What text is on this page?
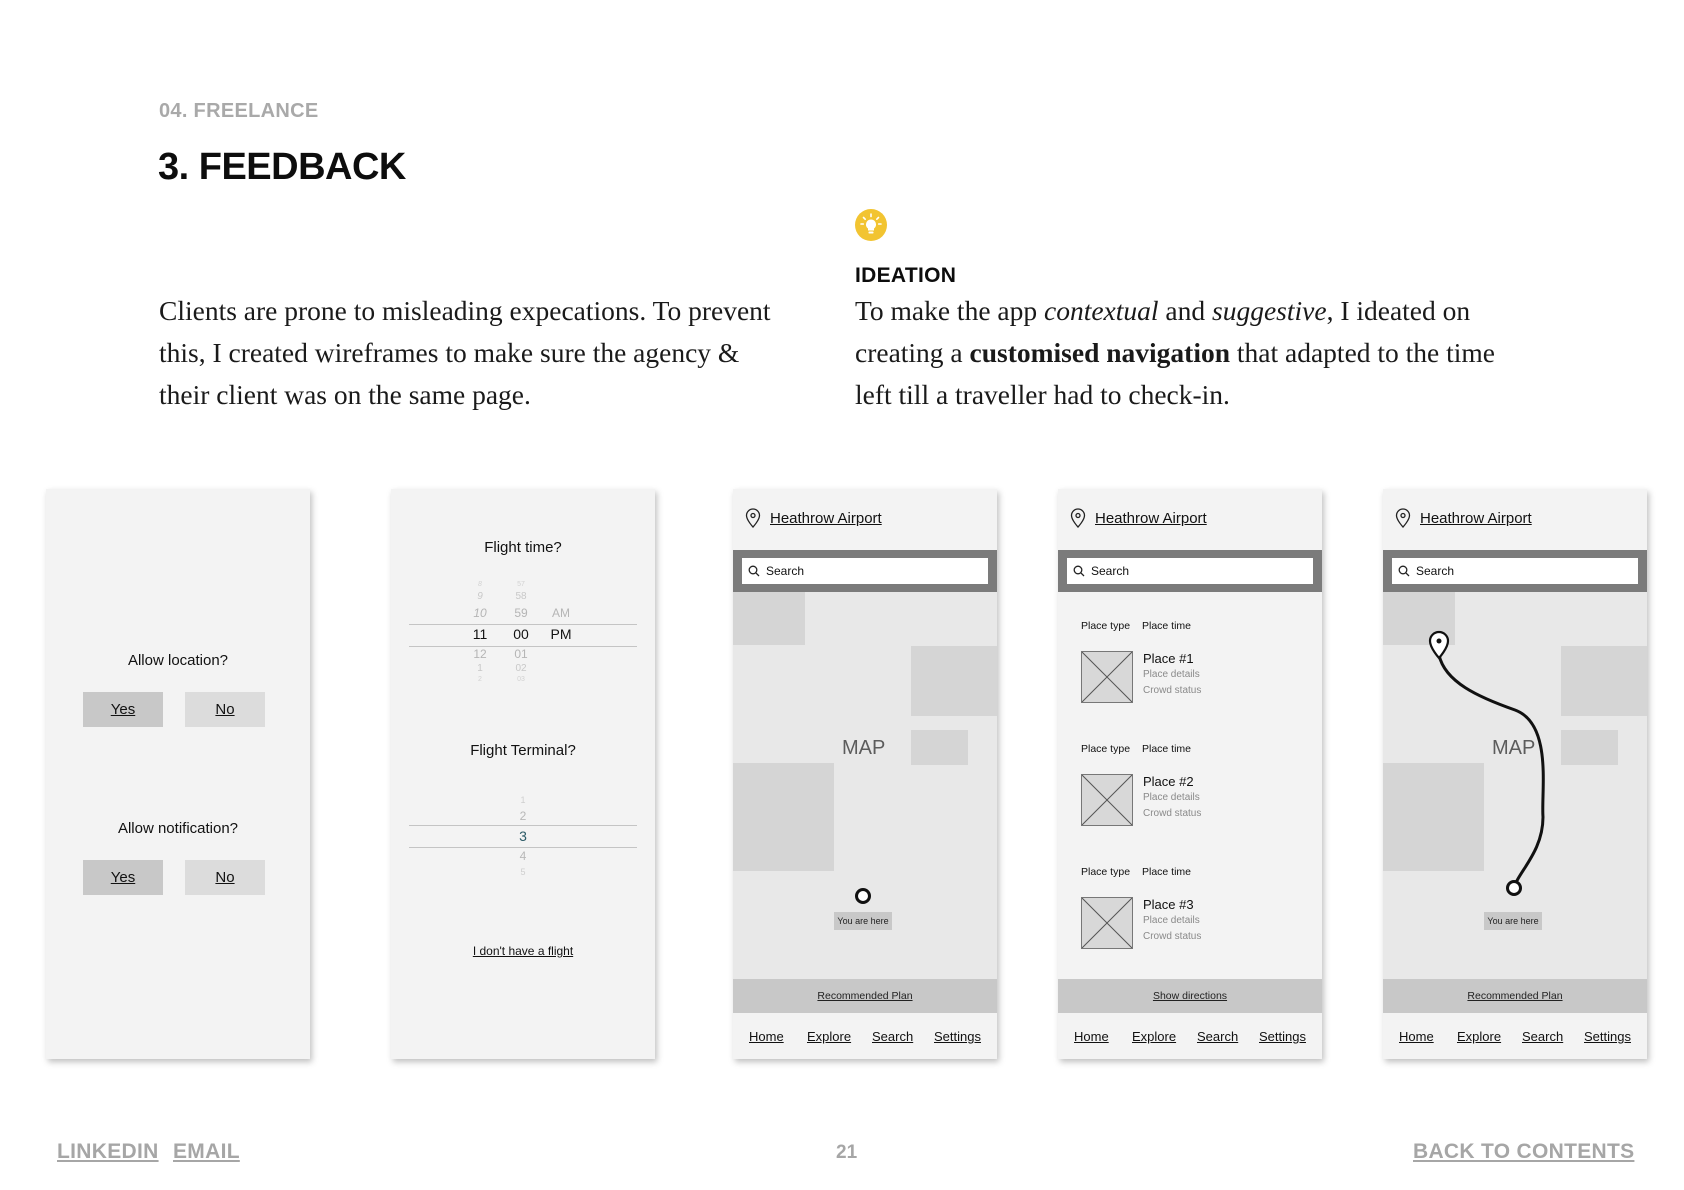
04. FREELANCE
3. FEEDBACK

Clients are prone to misleading expecations. To prevent this, I created wireframes to make sure the agency & their client was on the same page.

IDEATION

To make the app contextual and suggestive, I ideated on creating a customised navigation that adapted to the time left till a traveller had to check-in.

Allow location?
Yes	No
Allow notification?
Yes	No
Flight time?
8
9
10
11
12
1
2
57
58
59
00
01
02
03
AM
PM
Flight Terminal?
1
2
3
4
5
I don't have a flight
Heathrow Airport
Search
MAP
You are here
Recommended Plan
Home Explore Search Settings
Heathrow Airport
Search
Place type Place time
Place #1
Place details
Crowd status
Place type Place time
Place #2
Place details
Crowd status
Place type Place time
Place #3
Place details
Crowd status
Show directions
Home Explore Search Settings
Heathrow Airport
Search
MAP
You are here
Recommended Plan
Home Explore Search Settings
LINKEDIN EMAIL	21	BACK TO CONTENTS
